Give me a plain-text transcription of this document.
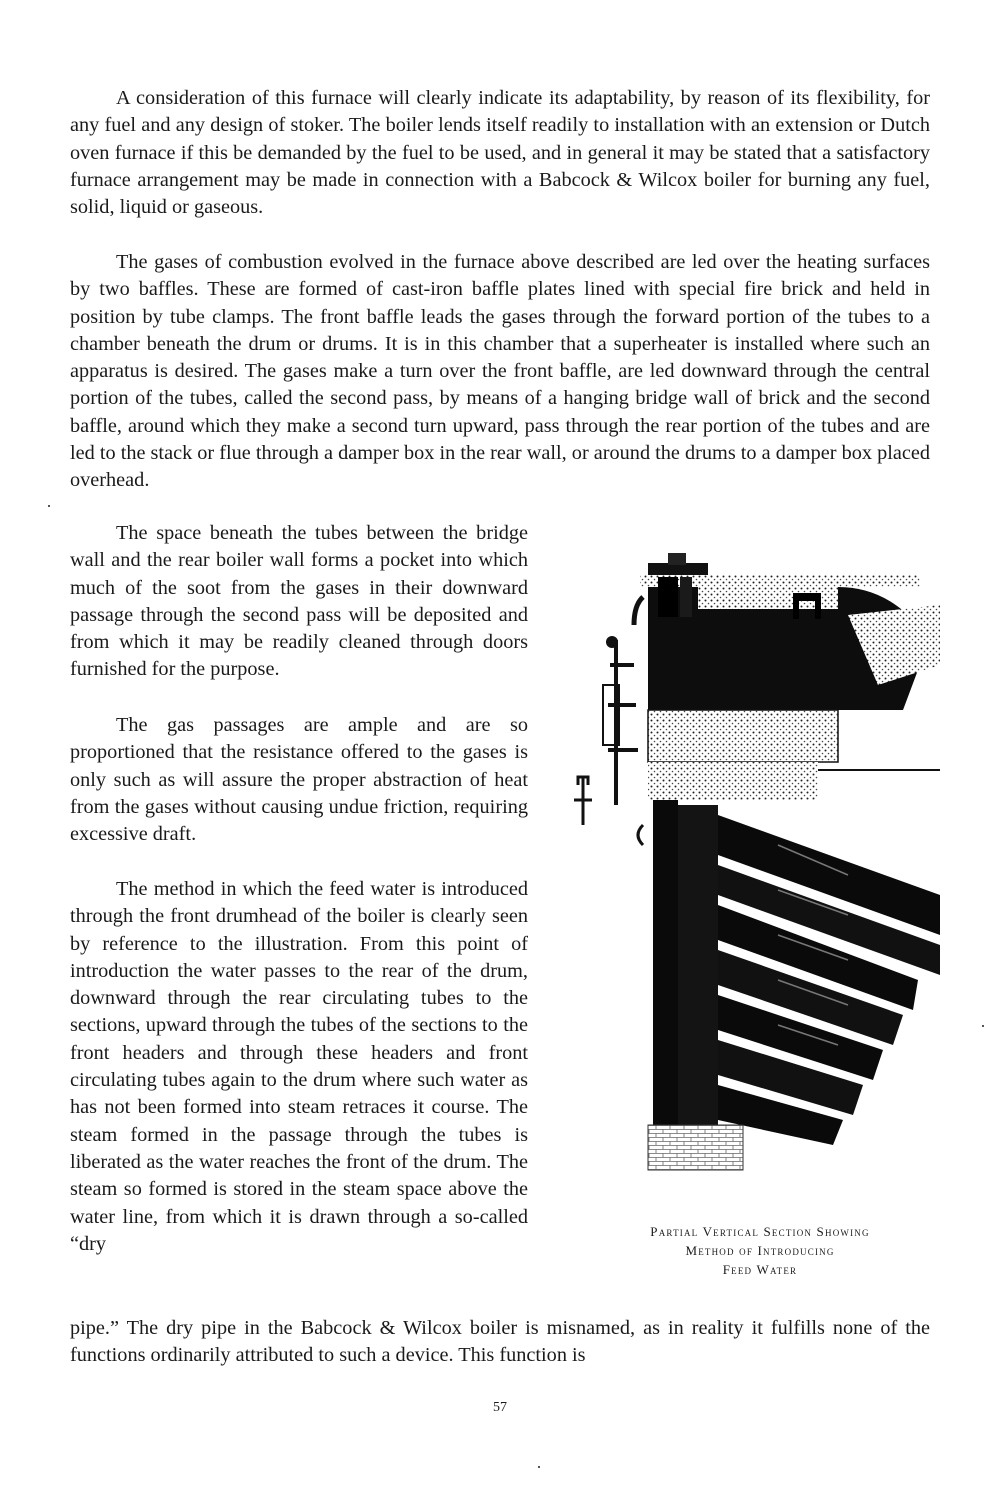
A consideration of this furnace will clearly indicate its adaptability, by reason of its flexibility, for any fuel and any design of stoker. The boiler lends itself readily to installation with an extension or Dutch oven furnace if this be demanded by the fuel to be used, and in general it may be stated that a satisfactory furnace arrangement may be made in connection with a Babcock & Wilcox boiler for burning any fuel, solid, liquid or gaseous.

The gases of combustion evolved in the furnace above described are led over the heating surfaces by two baffles. These are formed of cast-iron baffle plates lined with special fire brick and held in position by tube clamps. The front baffle leads the gases through the forward portion of the tubes to a chamber beneath the drum or drums. It is in this chamber that a superheater is installed where such an apparatus is desired. The gases make a turn over the front baffle, are led downward through the central portion of the tubes, called the second pass, by means of a hanging bridge wall of brick and the second baffle, around which they make a second turn upward, pass through the rear portion of the tubes and are led to the stack or flue through a damper box in the rear wall, or around the drums to a damper box placed overhead.

The space beneath the tubes between the bridge wall and the rear boiler wall forms a pocket into which much of the soot from the gases in their downward passage through the second pass will be deposited and from which it may be readily cleaned through doors furnished for the purpose.

The gas passages are ample and are so proportioned that the resistance offered to the gases is only such as will assure the proper abstraction of heat from the gases without causing undue friction, requiring excessive draft.

The method in which the feed water is introduced through the front drumhead of the boiler is clearly seen by reference to the illustration. From this point of introduction the water passes to the rear of the drum, downward through the rear circulating tubes to the sections, upward through the tubes of the sections to the front headers and through these headers and front circulating tubes again to the drum where such water as has not been formed into steam retraces it course. The steam formed in the passage through the tubes is liberated as the water reaches the front of the drum. The steam so formed is stored in the steam space above the water line, from which it is drawn through a so-called “dry

pipe.” The dry pipe in the Babcock & Wilcox boiler is misnamed, as in reality it fulfills none of the functions ordinarily attributed to such a device. This function is

Partial Vertical Section Showing
Method of Introducing
Feed Water
57
